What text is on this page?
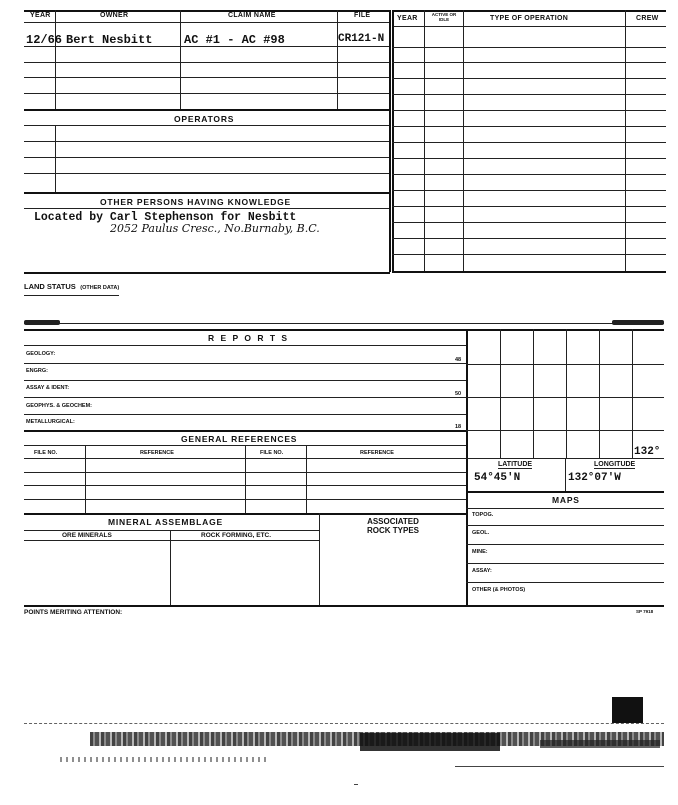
YEAR	OWNER	CLAIM NAME	FILE
12/66 Bert Nesbitt	AC #1 - AC #98	CR121-N
OPERATORS
OTHER PERSONS HAVING KNOWLEDGE
Located by Carl Stephenson for Nesbitt
2052 Paulus Cresc., No.Burnaby, B.C.
YEAR
ACTIVE OR IDLE	TYPE OF OPERATION	CREW
LAND STATUS (OTHER DATA)
R E P O R T S
GEOLOGY:
48
ENGRG:
ASSAY & IDENT:
50
GEOPHYS. & GEOCHEM:
METALLURGICAL:
18
GENERAL REFERENCES
FILE NO.	REFERENCE	FILE NO.	REFERENCE
MINERAL ASSEMBLAGE
ORE MINERALS	ROCK FORMING, ETC.
ASSOCIATED
ROCK TYPES
132°
LATITUDE	LONGITUDE
54°45'N	132°07'W
MAPS
TOPOG.
GEOL.
MINE:
ASSAY:
OTHER (& PHOTOS)
POINTS MERITING ATTENTION:	SP 7918
